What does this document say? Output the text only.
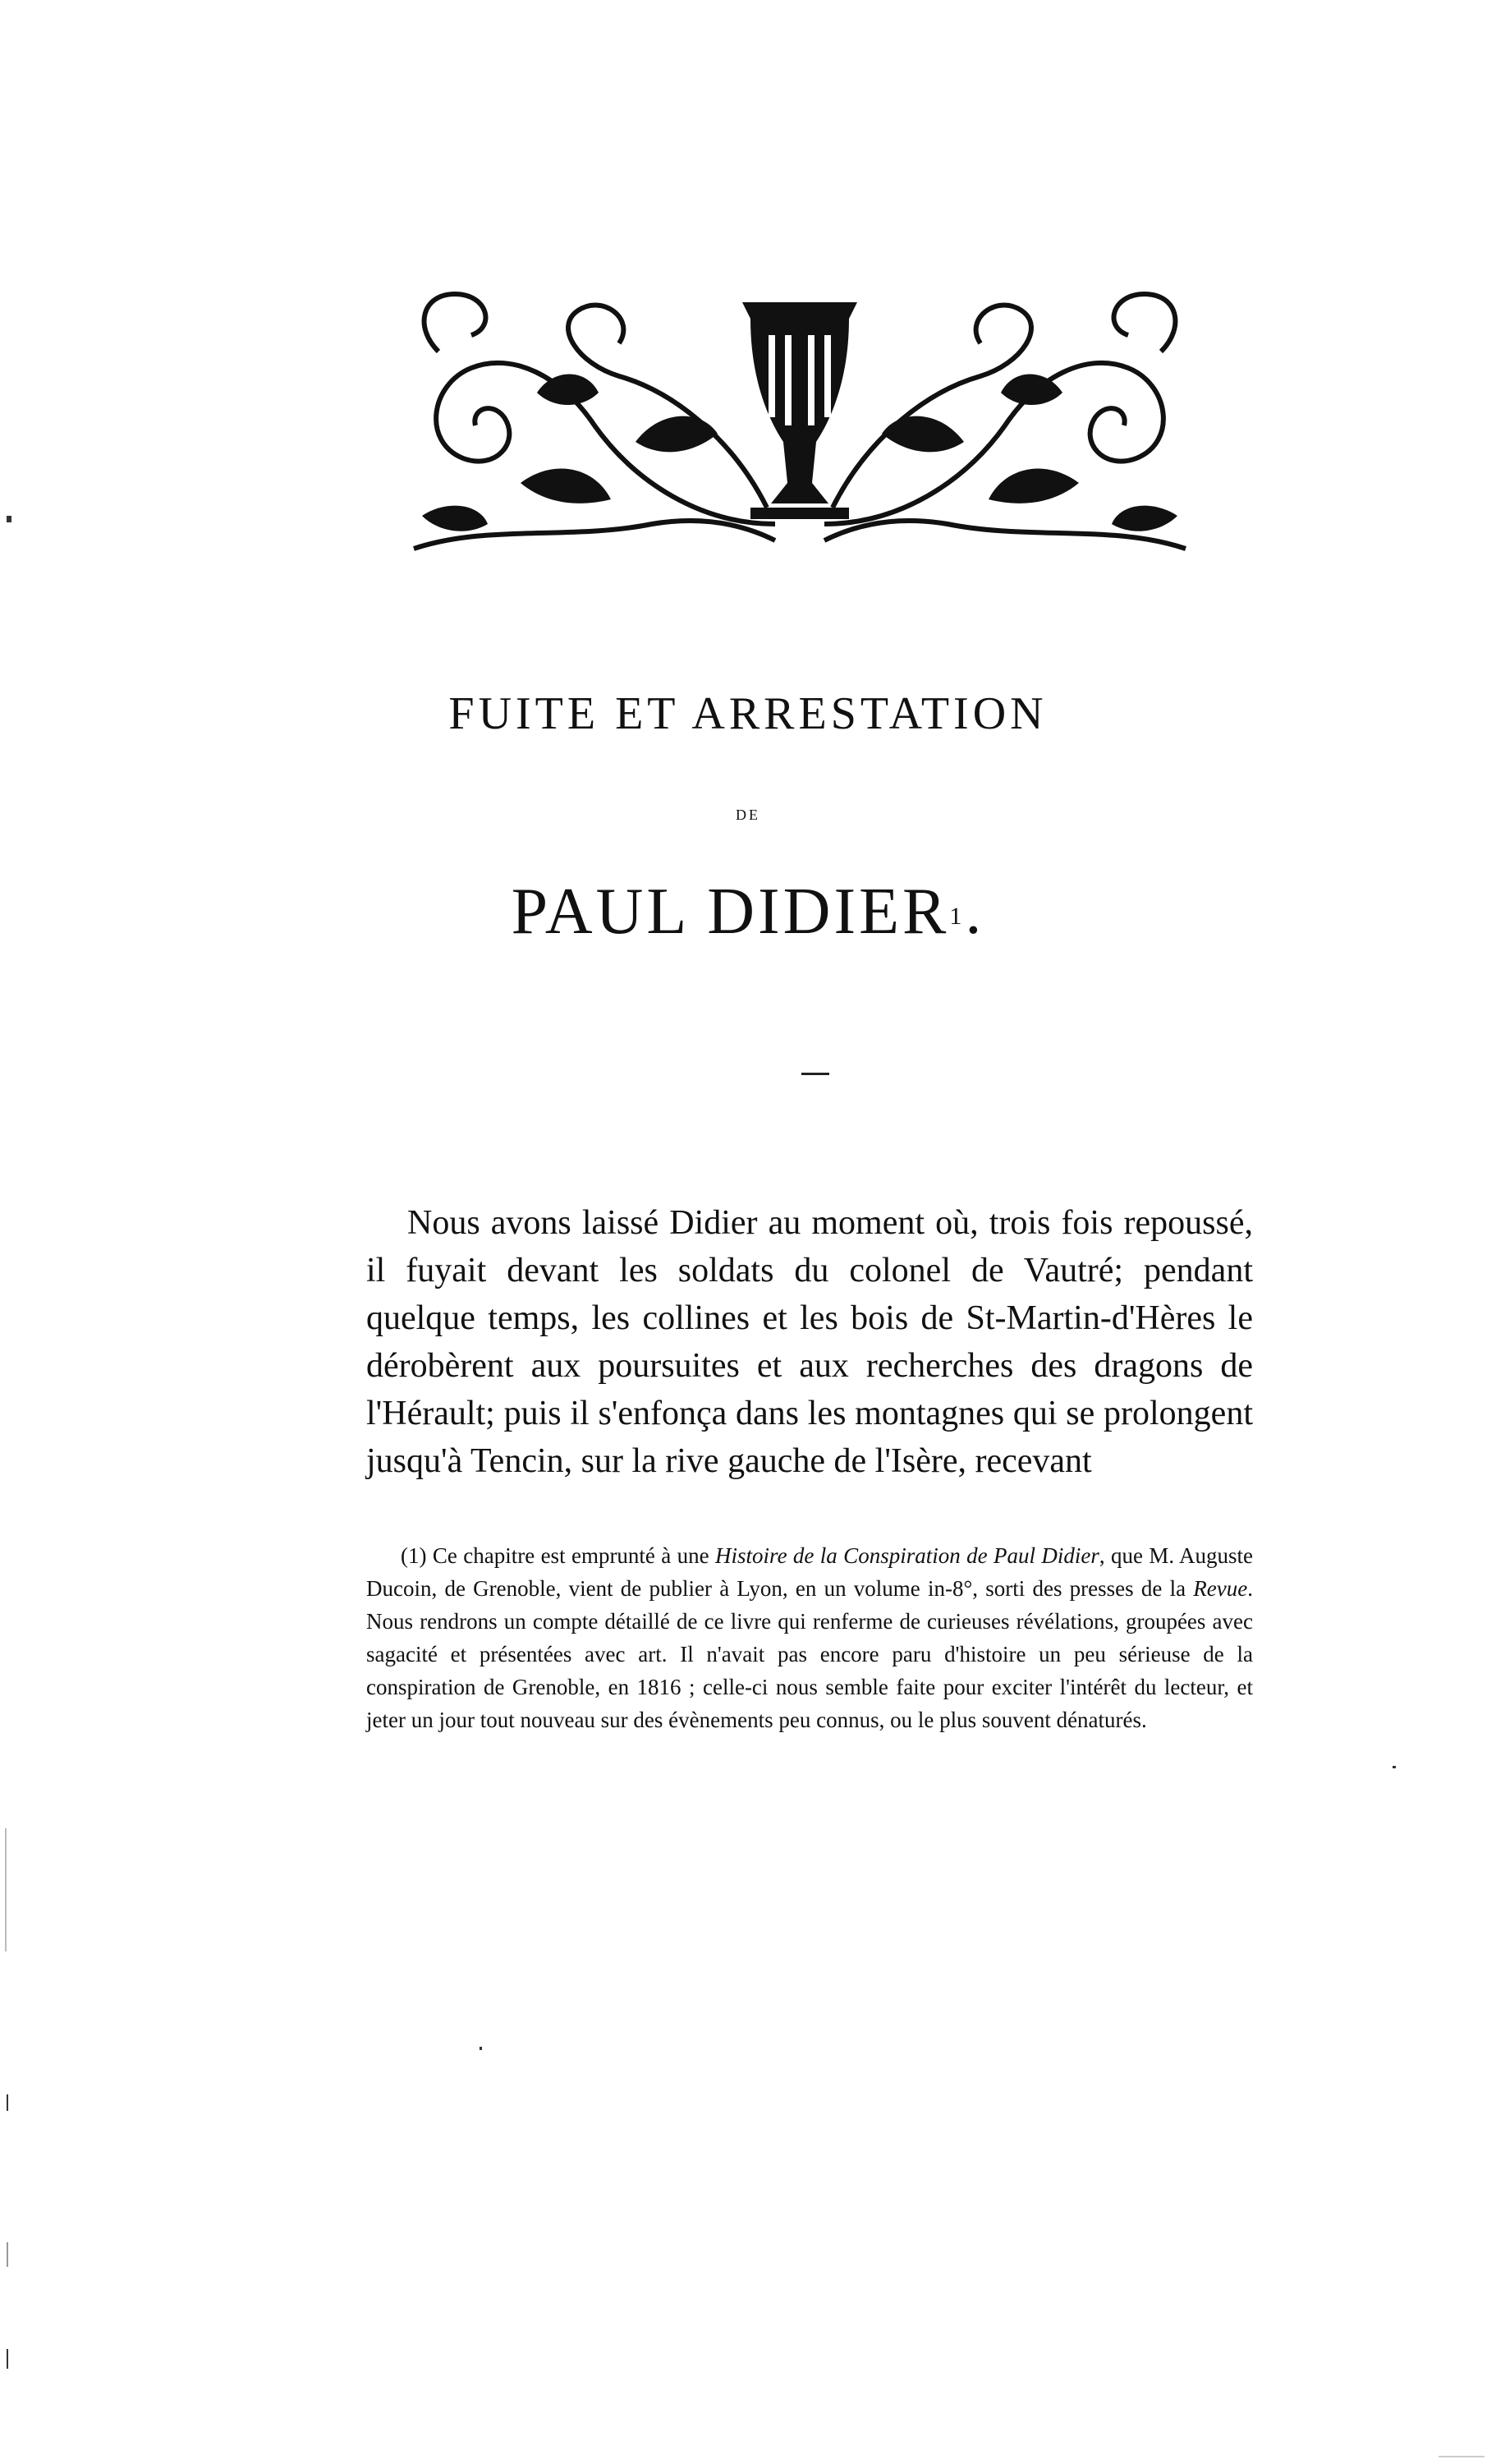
FUITE ET ARRESTATION
DE
PAUL DIDIER$^1$.

Nous avons laissé Didier au moment où, trois fois repoussé, il fuyait devant les soldats du colonel de Vautré; pendant quelque temps, les collines et les bois de St-Martin-d'Hères le dérobèrent aux poursuites et aux recherches des dragons de l'Hérault; puis il s'enfonça dans les montagnes qui se prolongent jusqu'à Tencin, sur la rive gauche de l'Isère, recevant

(1) Ce chapitre est emprunté à une Histoire de la Conspiration de Paul Didier, que M. Auguste Ducoin, de Grenoble, vient de publier à Lyon, en un volume in-8°, sorti des presses de la Revue. Nous rendrons un compte détaillé de ce livre qui renferme de curieuses révélations, groupées avec sagacité et présentées avec art. Il n'avait pas encore paru d'histoire un peu sérieuse de la conspiration de Grenoble, en 1816 ; celle-ci nous semble faite pour exciter l'intérêt du lecteur, et jeter un jour tout nouveau sur des évènements peu connus, ou le plus souvent dénaturés.
